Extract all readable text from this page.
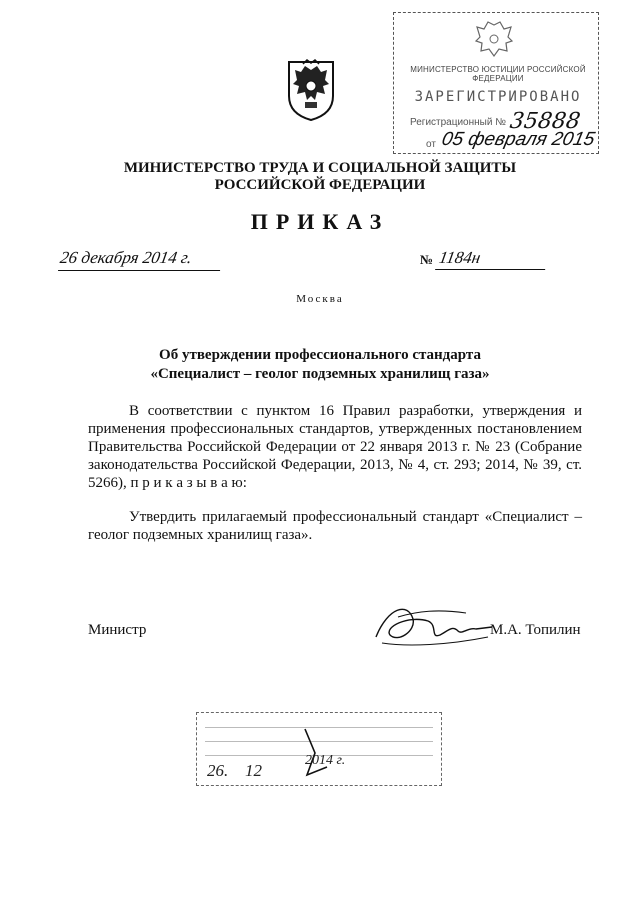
МИНИСТЕРСТВО ЮСТИЦИИ РОССИЙСКОЙ ФЕДЕРАЦИИ
ЗАРЕГИСТРИРОВАНО
Регистрационный № 35888
от 05 февраля 2015
МИНИСТЕРСТВО ТРУДА И СОЦИАЛЬНОЙ ЗАЩИТЫ
РОССИЙСКОЙ ФЕДЕРАЦИИ
ПРИКАЗ
26 декабря 2014 г.	№ 1184н
Москва
Об утверждении профессионального стандарта
«Специалист – геолог подземных хранилищ газа»
В соответствии с пунктом 16 Правил разработки, утверждения и применения профессиональных стандартов, утвержденных постановлением Правительства Российской Федерации от 22 января 2013 г. № 23 (Собрание законодательства Российской Федерации, 2013, № 4, ст. 293; 2014, № 39, ст. 5266), п р и к а з ы в а ю:
Утвердить прилагаемый профессиональный стандарт «Специалист – геолог подземных хранилищ газа».
Министр	М.А. Топилин
26. 12
2014 г.
